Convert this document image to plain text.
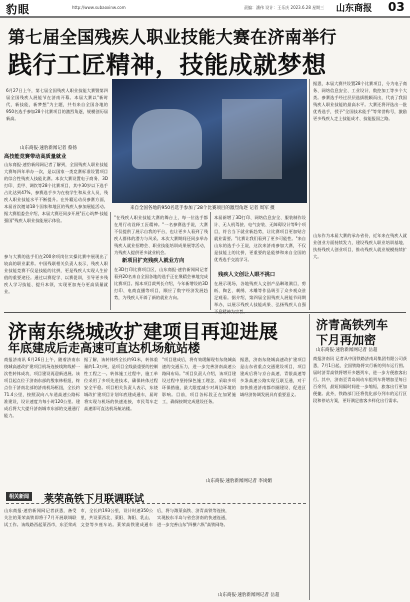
豹眼	http://www.subaoxinw.com	责编：潘伟 设计：王乐庆 2023.6.28 星期三 山东商报 03
第七届全国残疾人职业技能大赛在济南举行
践行工匠精神，技能成就梦想
6月27日上午，第七届全国残疾人职业技能大赛暨第四届全国残疾人展能节在济南开幕。本届大赛以"新时代，新技能，新梦想"为主题，共有来自全国各地的950名选手参加28个比赛项目的激烈角逐，规模创历届新高。
山东商报·速豹新闻记者 蔡扬
来自全国各地的950名选手参加了28个比赛项目的激烈角逐 记者 周军 摄
高技能竞赛带动高质量就业
山东商报·速豹新闻网记者了解到，全国残疾人职业技能大赛每四年举办一次，是以国家一类竞赛标准设置项目的综合性残疾人技能比赛。本次大赛设置电子商务、3D打印、美甲、调饮等28个比赛项目，其中30岁以下选手占比达到47%，参赛选手多为在校学生和从业人员，残疾人职业技能水平不断提升。在外籍运动员参赛方面，本届首次邀请18个国家和地区的残疾人参加展能活动。据大赛组委会介绍，本届大赛还同步开展"匠心筑梦·技能强国"残疾人职业技能展示体验。
参与大赛的选手们在200余项岗位实操比赛中展现出了较高的职业素养。中国残联相关负责人表示，残疾人职业技能竞赛不仅是技能的比拼，更是残疾人实现人生价值的重要途径。通过以赛促学、以赛促训，引导更多残疾人学习技能、提升本领，实现更加充分更高质量就业。
"在残疾人职业技能大赛的舞台上，每一位选手都在用行动诠释工匠精神。"一名参赛选手说，大赛不仅提供了展示自我的平台，也让更多人看到了残疾人群体的潜力与风采。本次大赛期间还同步举办残疾人就业招聘会、职业技能培训成果展等活动，为残疾人提供更多就业机会。
新项目扩充残疾人就业方向
在3D打印比赛项目区，山东商报·速豹新闻网记者看到20名来自全国各地的选手正在聚精会神地完成比赛项目。据本项目裁判长介绍，今年新增设的3D打印、电商直播等项目，顺应了数字经济发展趋势，为残疾人开辟了新的就业方向。
本届新增了3D打印、网络信息安全、服装制作设计、无人机驾驶、电气安装、无障碍设计等9个项目，符合当下就业新趋势，让比赛项目更加贴合就业需要。"比赛让我们看到了更多可能性。"来自山东的选手小王说，这次来济南参加大赛，不仅是技能上的比拼，更重要的是能够和来自全国的优秀选手交流学习。
残疾人文创让人眼不挑口
在展示现场，各地残疾人文创产品琳琅满目，剪纸、陶艺、刺绣、木雕等作品吸引了众多观众驻足观看。据介绍，第四届全国残疾人展能节同期举办，以展示残疾人技能成果、弘扬残疾人自强不息精神为宗旨。
据悉，本届大赛共设置28个比赛项目，分为电子商务、网络信息安全、工业设计、数控加工等多个大类。参赛选手经过层层选拔脱颖而出，代表了我国残疾人职业技能的最高水平。大赛还将评选出一批优秀选手，授予"全国技术能手"等荣誉称号，激励更多残疾人走上技能成才、技能报国之路。
山东作为本届大赛的承办省份，近年来在残疾人就业创业方面持续发力，建设残疾人职业培训基地、扶持残疾人创业项目，推动残疾人就业规模持续扩大。
济南东绕城改扩建项目再迎进展
年底建成后走高速可直达机场航站楼
商报济南讯 6月26日上午，随着济南东绕城高速改扩建项目机场连接线跨线桥一次性转体成功，项目建设再迎新进展。该项目起点位于济南东部的殷家林枢纽，终点位于济南北部的济南机场枢纽，全长约71.4公里，按照双向八车道高速公路标准建设，设计速度为每小时120公里。建成后将大大提升济南城市东部的交通通行能力。
据了解，该转体桥全长约91米，转体重量约1.3万吨，是项目全线最重要的控制性工程之一。转体施工过程中，施工单位采用了多项先进技术，确保转体过程安全平稳。项目相关负责人表示，东绕城改扩建项目计划年底建成通车，届时将实现与机场的快速连接，市民驾车走高速即可直达机场航站楼。
"项目建成后，将有效缓解现有东绕城高速的交通压力，进一步完善济南高速公路网布局。"项目负责人介绍，该项目建设过程中坚持绿色施工理念，采取多项环保措施，最大限度减少对周边环境的影响。目前，项目各标段正在加紧施工，确保按期完成建设任务。
据悉，济南东绕城高速改扩建项目是山东省重点交通建设项目，项目建成后将与京台高速、青银高速等多条高速公路实现互联互通，对于加快推进济南都市圈建设、促进区域经济协调发展具有重要意义。
山东商报·速豹新闻网记者 李岗媚
济青高铁列车
下月再加密
山东商报·速豹新闻网记者 岳超
商报济南讯 记者从中国铁路济南局集团有限公司获悉，7月1日起，全国铁路将实行新的列车运行图。届时济青高铁将增开多趟列车，进一步方便旅客出行。其中，济南至青岛间动车组列车将增加至每日百余列，最短间隔时间进一步缩短，旅客出行更加便捷。此外，铁路部门还将优化部分列车的运行区段和停站方案，更好满足旅客多样化出行需求。
相关新闻	莱荣高铁下月联调联试
山东商报·速豹新闻网记者获悉，备受关注的莱荣高铁即将于7月开展联调联试工作。该线路西起莱西市，东至荣成市，全长约193公里，设计时速350公里，共设莱西北、莱阳、海阳、乳山、文登等多座车站。莱荣高铁建成通车后，将与潍莱高铁、济青高铁等连接，实现胶东半岛与省会济南的快速连通，进一步完善山东"四横六纵"高铁网络。
山东商报·速豹新闻网记者 岳超
